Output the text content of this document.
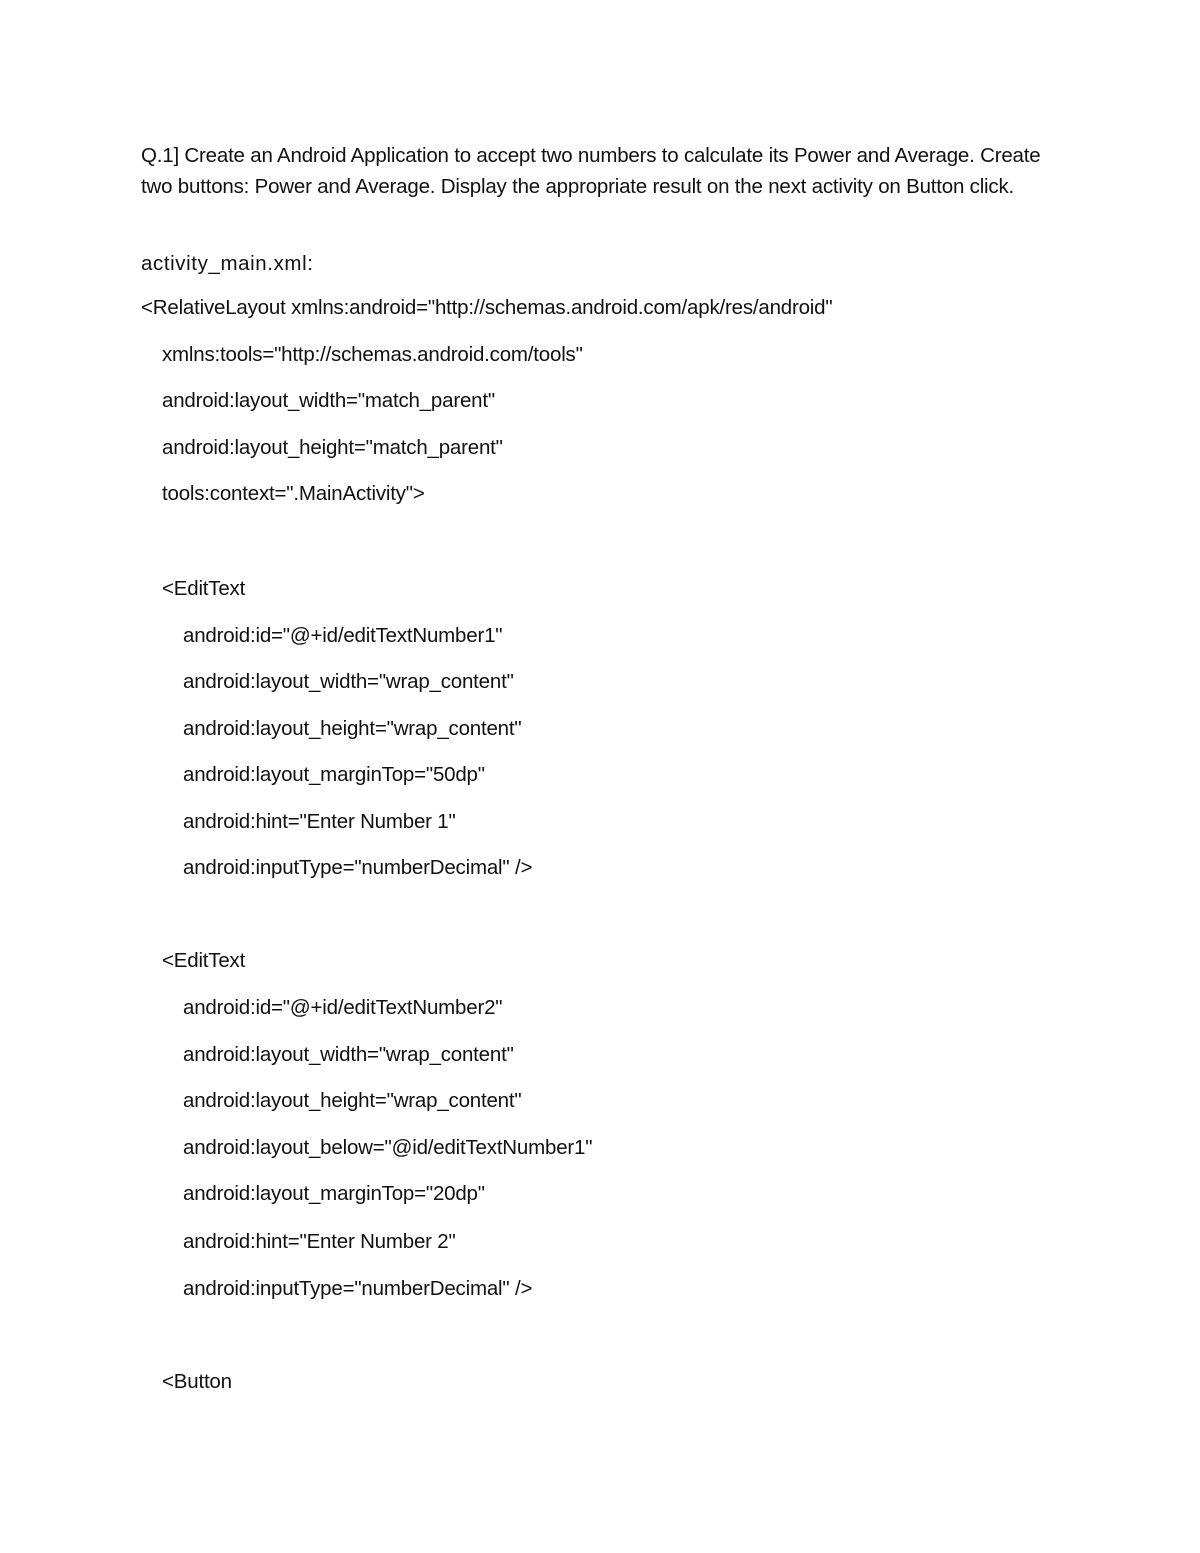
Q.1] Create an Android Application to accept two numbers to calculate its Power and Average. Create two buttons: Power and Average. Display the appropriate result on the next activity on Button click.
activity_main.xml:
<RelativeLayout xmlns:android="http://schemas.android.com/apk/res/android"
xmlns:tools="http://schemas.android.com/tools"
android:layout_width="match_parent"
android:layout_height="match_parent"
tools:context=".MainActivity">
<EditText
android:id="@+id/editTextNumber1"
android:layout_width="wrap_content"
android:layout_height="wrap_content"
android:layout_marginTop="50dp"
android:hint="Enter Number 1"
android:inputType="numberDecimal" />
<EditText
android:id="@+id/editTextNumber2"
android:layout_width="wrap_content"
android:layout_height="wrap_content"
android:layout_below="@id/editTextNumber1"
android:layout_marginTop="20dp"
android:hint="Enter Number 2"
android:inputType="numberDecimal" />
<Button
